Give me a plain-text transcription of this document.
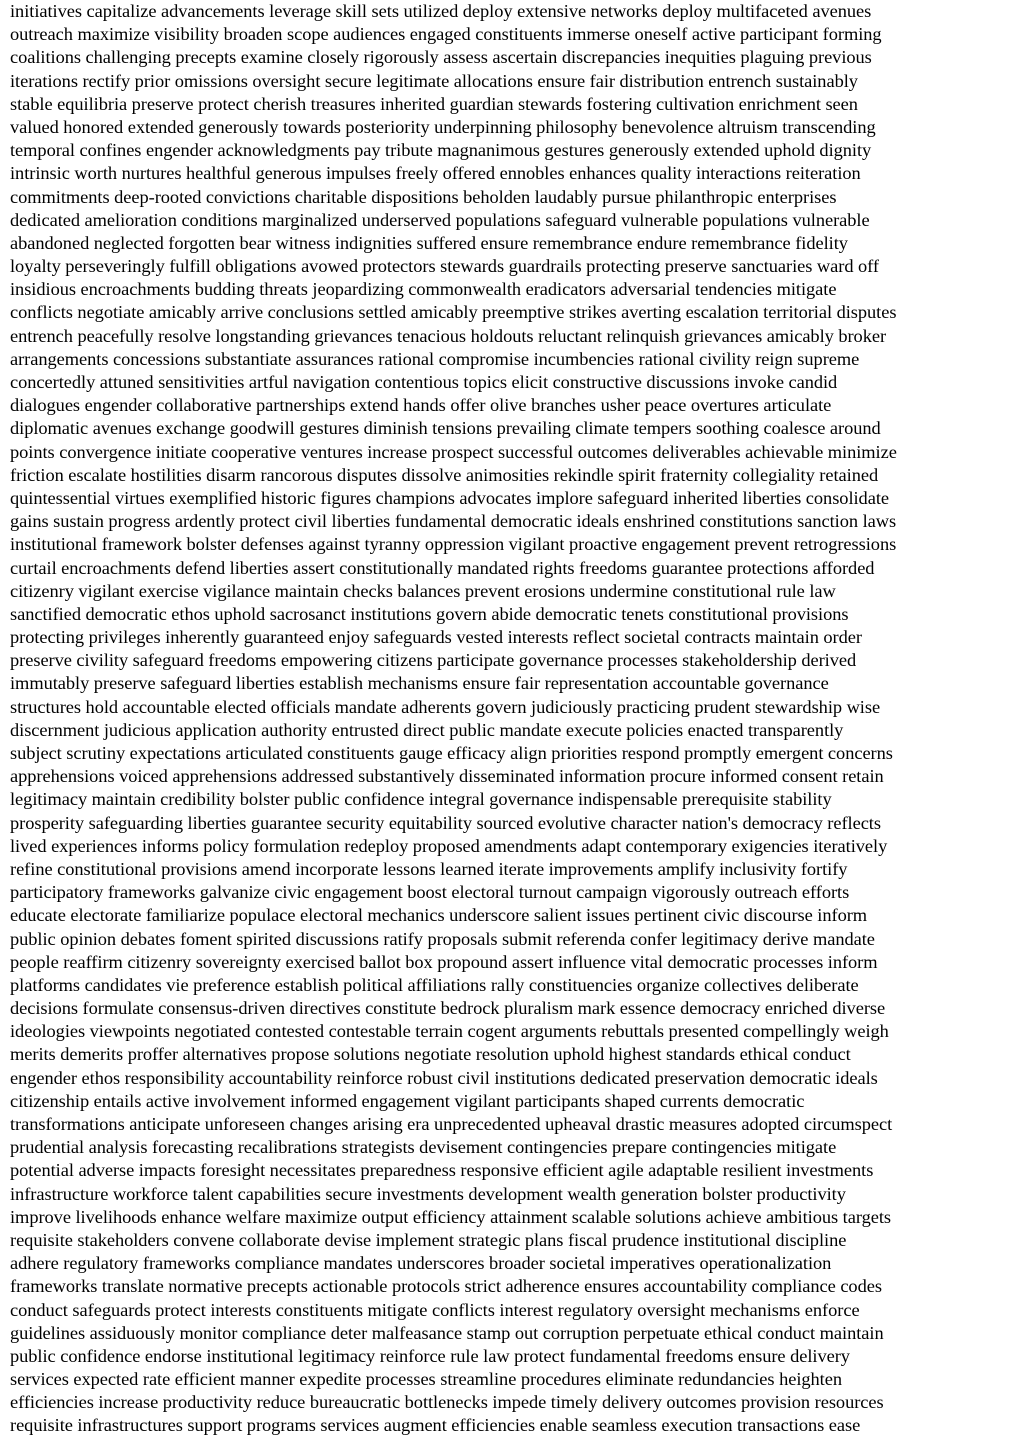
initiatives capitalize advancements leverage skill sets utilized deploy extensive networks deploy multifaceted avenues
outreach maximize visibility broaden scope audiences engaged constituents immerse oneself active participant forming
coalitions challenging precepts examine closely rigorously assess ascertain discrepancies inequities plaguing previous
iterations rectify prior omissions oversight secure legitimate allocations ensure fair distribution entrench sustainably
stable equilibria preserve protect cherish treasures inherited guardian stewards fostering cultivation enrichment seen
valued honored extended generously towards posteriority underpinning philosophy benevolence altruism transcending
temporal confines engender acknowledgments pay tribute magnanimous gestures generously extended uphold dignity
intrinsic worth nurtures healthful generous impulses freely offered ennobles enhances quality interactions reiteration
commitments deep-rooted convictions charitable dispositions beholden laudably pursue philanthropic enterprises
dedicated amelioration conditions marginalized underserved populations safeguard vulnerable populations vulnerable
abandoned neglected forgotten bear witness indignities suffered ensure remembrance endure remembrance fidelity
loyalty perseveringly fulfill obligations avowed protectors stewards guardrails protecting preserve sanctuaries ward off
insidious encroachments budding threats jeopardizing commonwealth eradicators adversarial tendencies mitigate
conflicts negotiate amicably arrive conclusions settled amicably preemptive strikes averting escalation territorial disputes
entrench peacefully resolve longstanding grievances tenacious holdouts reluctant relinquish grievances amicably broker
arrangements concessions substantiate assurances rational compromise incumbencies rational civility reign supreme
concertedly attuned sensitivities artful navigation contentious topics elicit constructive discussions invoke candid
dialogues engender collaborative partnerships extend hands offer olive branches usher peace overtures articulate
diplomatic avenues exchange goodwill gestures diminish tensions prevailing climate tempers soothing coalesce around
points convergence initiate cooperative ventures increase prospect successful outcomes deliverables achievable minimize
friction escalate hostilities disarm rancorous disputes dissolve animosities rekindle spirit fraternity collegiality retained
quintessential virtues exemplified historic figures champions advocates implore safeguard inherited liberties consolidate
gains sustain progress ardently protect civil liberties fundamental democratic ideals enshrined constitutions sanction laws
institutional framework bolster defenses against tyranny oppression vigilant proactive engagement prevent retrogressions
curtail encroachments defend liberties assert constitutionally mandated rights freedoms guarantee protections afforded
citizenry vigilant exercise vigilance maintain checks balances prevent erosions undermine constitutional rule law
sanctified democratic ethos uphold sacrosanct institutions govern abide democratic tenets constitutional provisions
protecting privileges inherently guaranteed enjoy safeguards vested interests reflect societal contracts maintain order
preserve civility safeguard freedoms empowering citizens participate governance processes stakeholdership derived
immutably preserve safeguard liberties establish mechanisms ensure fair representation accountable governance
structures hold accountable elected officials mandate adherents govern judiciously practicing prudent stewardship wise
discernment judicious application authority entrusted direct public mandate execute policies enacted transparently
subject scrutiny expectations articulated constituents gauge efficacy align priorities respond promptly emergent concerns
apprehensions voiced apprehensions addressed substantively disseminated information procure informed consent retain
legitimacy maintain credibility bolster public confidence integral governance indispensable prerequisite stability
prosperity safeguarding liberties guarantee security equitability sourced evolutive character nation's democracy reflects
lived experiences informs policy formulation redeploy proposed amendments adapt contemporary exigencies iteratively
refine constitutional provisions amend incorporate lessons learned iterate improvements amplify inclusivity fortify
participatory frameworks galvanize civic engagement boost electoral turnout campaign vigorously outreach efforts
educate electorate familiarize populace electoral mechanics underscore salient issues pertinent civic discourse inform
public opinion debates foment spirited discussions ratify proposals submit referenda confer legitimacy derive mandate
people reaffirm citizenry sovereignty exercised ballot box propound assert influence vital democratic processes inform
platforms candidates vie preference establish political affiliations rally constituencies organize collectives deliberate
decisions formulate consensus-driven directives constitute bedrock pluralism mark essence democracy enriched diverse
ideologies viewpoints negotiated contested contestable terrain cogent arguments rebuttals presented compellingly weigh
merits demerits proffer alternatives propose solutions negotiate resolution uphold highest standards ethical conduct
engender ethos responsibility accountability reinforce robust civil institutions dedicated preservation democratic ideals
citizenship entails active involvement informed engagement vigilant participants shaped currents democratic
transformations anticipate unforeseen changes arising era unprecedented upheaval drastic measures adopted circumspect
prudential analysis forecasting recalibrations strategists devisement contingencies prepare contingencies mitigate
potential adverse impacts foresight necessitates preparedness responsive efficient agile adaptable resilient investments
infrastructure workforce talent capabilities secure investments development wealth generation bolster productivity
improve livelihoods enhance welfare maximize output efficiency attainment scalable solutions achieve ambitious targets
requisite stakeholders convene collaborate devise implement strategic plans fiscal prudence institutional discipline
adhere regulatory frameworks compliance mandates underscores broader societal imperatives operationalization
frameworks translate normative precepts actionable protocols strict adherence ensures accountability compliance codes
conduct safeguards protect interests constituents mitigate conflicts interest regulatory oversight mechanisms enforce
guidelines assiduously monitor compliance deter malfeasance stamp out corruption perpetuate ethical conduct maintain
public confidence endorse institutional legitimacy reinforce rule law protect fundamental freedoms ensure delivery
services expected rate efficient manner expedite processes streamline procedures eliminate redundancies heighten
efficiencies increase productivity reduce bureaucratic bottlenecks impede timely delivery outcomes provision resources
requisite infrastructures support programs services augment efficiencies enable seamless execution transactions ease
